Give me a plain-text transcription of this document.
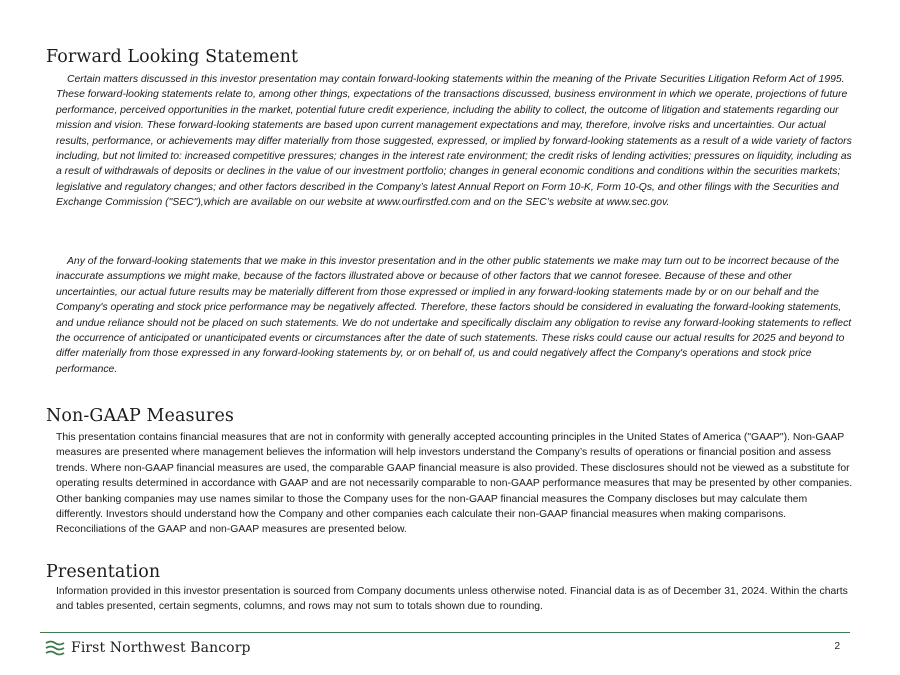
Forward Looking Statement

Certain matters discussed in this investor presentation may contain forward-looking statements within the meaning of the Private Securities Litigation Reform Act of 1995. These forward-looking statements relate to, among other things, expectations of the transactions discussed, business environment in which we operate, projections of future performance, perceived opportunities in the market, potential future credit experience, including the ability to collect, the outcome of litigation and statements regarding our mission and vision. These forward-looking statements are based upon current management expectations and may, therefore, involve risks and uncertainties. Our actual results, performance, or achievements may differ materially from those suggested, expressed, or implied by forward-looking statements as a result of a wide variety of factors including, but not limited to: increased competitive pressures; changes in the interest rate environment; the credit risks of lending activities; pressures on liquidity, including as a result of withdrawals of deposits or declines in the value of our investment portfolio; changes in general economic conditions and conditions within the securities markets; legislative and regulatory changes; and other factors described in the Company’s latest Annual Report on Form 10-K, Form 10-Qs, and other filings with the Securities and Exchange Commission ("SEC"),which are available on our website at www.ourfirstfed.com and on the SEC’s website at www.sec.gov.

Any of the forward-looking statements that we make in this investor presentation and in the other public statements we make may turn out to be incorrect because of the inaccurate assumptions we might make, because of the factors illustrated above or because of other factors that we cannot foresee. Because of these and other uncertainties, our actual future results may be materially different from those expressed or implied in any forward-looking statements made by or on our behalf and the Company's operating and stock price performance may be negatively affected. Therefore, these factors should be considered in evaluating the forward-looking statements, and undue reliance should not be placed on such statements. We do not undertake and specifically disclaim any obligation to revise any forward-looking statements to reflect the occurrence of anticipated or unanticipated events or circumstances after the date of such statements. These risks could cause our actual results for 2025 and beyond to differ materially from those expressed in any forward-looking statements by, or on behalf of, us and could negatively affect the Company's operations and stock price performance.

Non-GAAP Measures

This presentation contains financial measures that are not in conformity with generally accepted accounting principles in the United States of America ("GAAP"). Non-GAAP measures are presented where management believes the information will help investors understand the Company’s results of operations or financial position and assess trends. Where non-GAAP financial measures are used, the comparable GAAP financial measure is also provided. These disclosures should not be viewed as a substitute for operating results determined in accordance with GAAP and are not necessarily comparable to non-GAAP performance measures that may be presented by other companies. Other banking companies may use names similar to those the Company uses for the non-GAAP financial measures the Company discloses but may calculate them differently. Investors should understand how the Company and other companies each calculate their non-GAAP financial measures when making comparisons. Reconciliations of the GAAP and non-GAAP measures are presented below.

Presentation

Information provided in this investor presentation is sourced from Company documents unless otherwise noted. Financial data is as of December 31, 2024. Within the charts and tables presented, certain segments, columns, and rows may not sum to totals shown due to rounding.

First Northwest Bancorp	2
